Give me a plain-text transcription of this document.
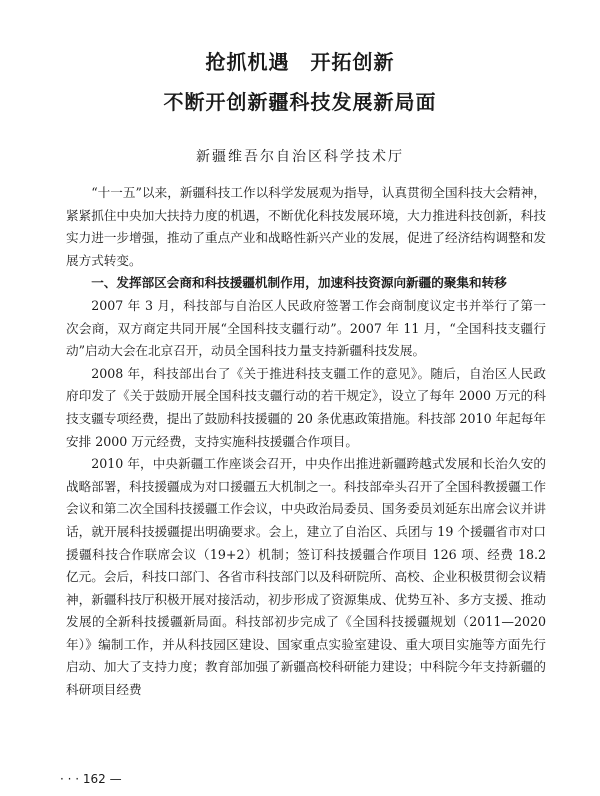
抢抓机遇　开拓创新
不断开创新疆科技发展新局面
新疆维吾尔自治区科学技术厅

“十一五”以来，新疆科技工作以科学发展观为指导，认真贯彻全国科技大会精神，紧紧抓住中央加大扶持力度的机遇，不断优化科技发展环境，大力推进科技创新，科技实力进一步增强，推动了重点产业和战略性新兴产业的发展，促进了经济结构调整和发展方式转变。

一、发挥部区会商和科技援疆机制作用，加速科技资源向新疆的聚集和转移

2007 年 3 月，科技部与自治区人民政府签署工作会商制度议定书并举行了第一次会商，双方商定共同开展“全国科技支疆行动”。2007 年 11 月，“全国科技支疆行动”启动大会在北京召开，动员全国科技力量支持新疆科技发展。

2008 年，科技部出台了《关于推进科技支疆工作的意见》。随后，自治区人民政府印发了《关于鼓励开展全国科技支疆行动的若干规定》，设立了每年 2000 万元的科技支疆专项经费，提出了鼓励科技援疆的 20 条优惠政策措施。科技部 2010 年起每年安排 2000 万元经费，支持实施科技援疆合作项目。

2010 年，中央新疆工作座谈会召开，中央作出推进新疆跨越式发展和长治久安的战略部署，科技援疆成为对口援疆五大机制之一。科技部牵头召开了全国科教援疆工作会议和第二次全国科技援疆工作会议，中央政治局委员、国务委员刘延东出席会议并讲话，就开展科技援疆提出明确要求。会上，建立了自治区、兵团与 19 个援疆省市对口援疆科技合作联席会议（19+2）机制；签订科技援疆合作项目 126 项、经费 18.2 亿元。会后，科技口部门、各省市科技部门以及科研院所、高校、企业积极贯彻会议精神，新疆科技厅积极开展对接活动，初步形成了资源集成、优势互补、多方支援、推动发展的全新科技援疆新局面。科技部初步完成了《全国科技援疆规划（2011—2020 年）》编制工作，并从科技园区建设、国家重点实验室建设、重大项目实施等方面先行启动、加大了支持力度；教育部加强了新疆高校科研能力建设；中科院今年支持新疆的科研项目经费

· · · 162 —
